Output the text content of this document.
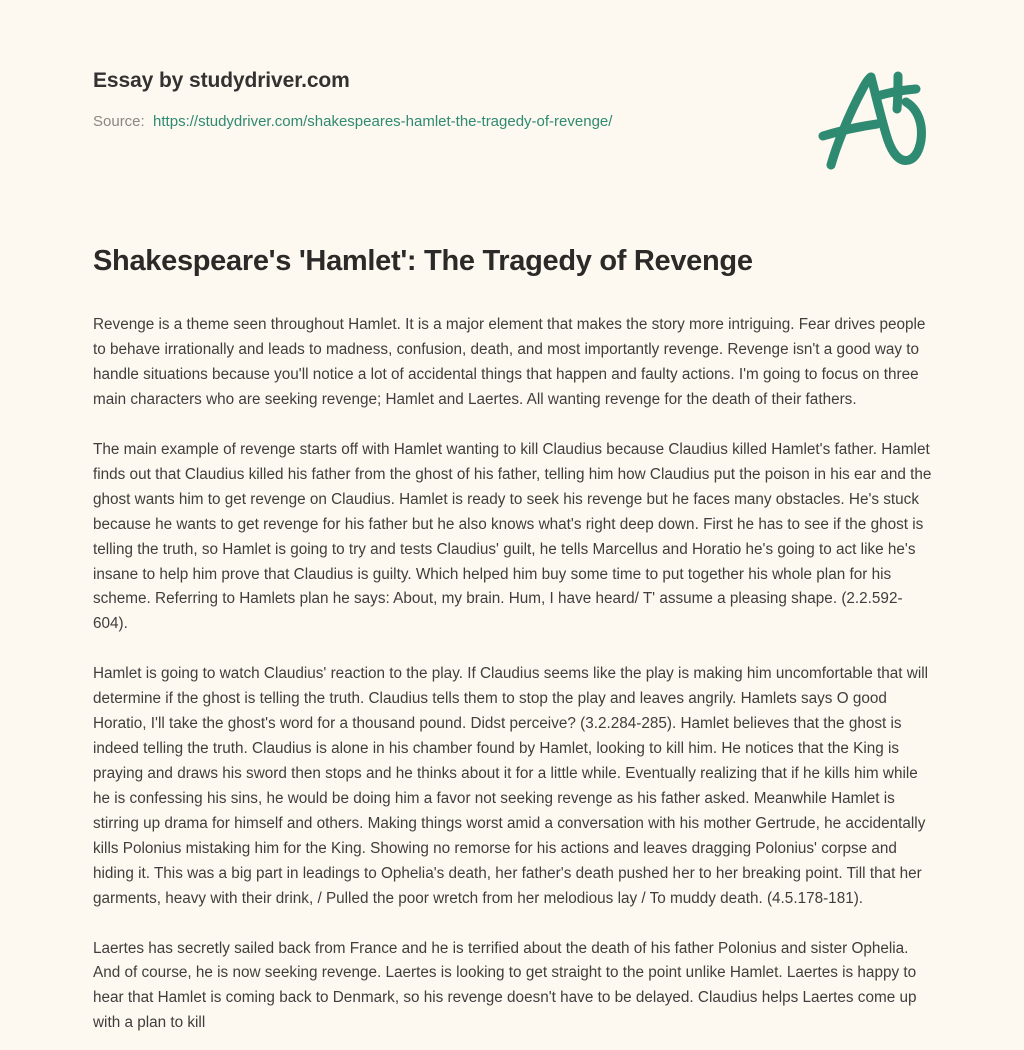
Essay by studydriver.com
Source: https://studydriver.com/shakespeares-hamlet-the-tragedy-of-revenge/
Shakespeare's 'Hamlet': The Tragedy of Revenge

Revenge is a theme seen throughout Hamlet. It is a major element that makes the story more intriguing. Fear drives people to behave irrationally and leads to madness, confusion, death, and most importantly revenge. Revenge isn't a good way to handle situations because you'll notice a lot of accidental things that happen and faulty actions. I'm going to focus on three main characters who are seeking revenge; Hamlet and Laertes. All wanting revenge for the death of their fathers.

The main example of revenge starts off with Hamlet wanting to kill Claudius because Claudius killed Hamlet's father. Hamlet finds out that Claudius killed his father from the ghost of his father, telling him how Claudius put the poison in his ear and the ghost wants him to get revenge on Claudius. Hamlet is ready to seek his revenge but he faces many obstacles. He's stuck because he wants to get revenge for his father but he also knows what's right deep down. First he has to see if the ghost is telling the truth, so Hamlet is going to try and tests Claudius' guilt, he tells Marcellus and Horatio he's going to act like he's insane to help him prove that Claudius is guilty. Which helped him buy some time to put together his whole plan for his scheme. Referring to Hamlets plan he says: About, my brain. Hum, I have heard/ T' assume a pleasing shape. (2.2.592-604).

Hamlet is going to watch Claudius' reaction to the play. If Claudius seems like the play is making him uncomfortable that will determine if the ghost is telling the truth. Claudius tells them to stop the play and leaves angrily. Hamlets says O good Horatio, I'll take the ghost's word for a thousand pound. Didst perceive? (3.2.284-285). Hamlet believes that the ghost is indeed telling the truth. Claudius is alone in his chamber found by Hamlet, looking to kill him. He notices that the King is praying and draws his sword then stops and he thinks about it for a little while. Eventually realizing that if he kills him while he is confessing his sins, he would be doing him a favor not seeking revenge as his father asked. Meanwhile Hamlet is stirring up drama for himself and others. Making things worst amid a conversation with his mother Gertrude, he accidentally kills Polonius mistaking him for the King. Showing no remorse for his actions and leaves dragging Polonius' corpse and hiding it. This was a big part in leadings to Ophelia's death, her father's death pushed her to her breaking point. Till that her garments, heavy with their drink, / Pulled the poor wretch from her melodious lay / To muddy death. (4.5.178-181).

Laertes has secretly sailed back from France and he is terrified about the death of his father Polonius and sister Ophelia. And of course, he is now seeking revenge. Laertes is looking to get straight to the point unlike Hamlet. Laertes is happy to hear that Hamlet is coming back to Denmark, so his revenge doesn't have to be delayed. Claudius helps Laertes come up with a plan to kill
